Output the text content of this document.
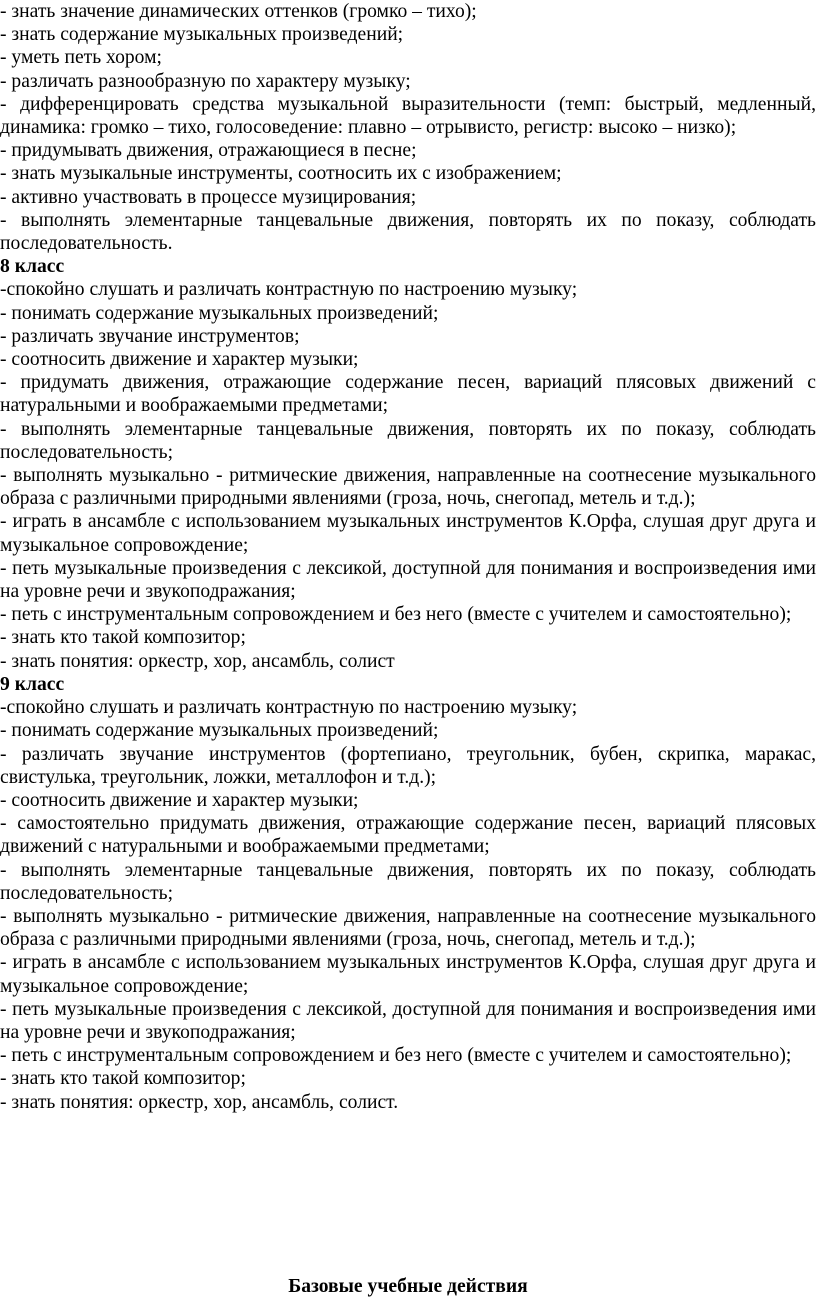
- знать значение динамических оттенков (громко – тихо);

- знать содержание музыкальных произведений;

- уметь петь хором;

- различать разнообразную по характеру музыку;

- дифференцировать средства музыкальной выразительности (темп: быстрый, медленный, динамика: громко – тихо, голосоведение: плавно – отрывисто, регистр: высоко – низко);

- придумывать движения, отражающиеся в песне;

- знать музыкальные инструменты, соотносить их с изображением;

- активно участвовать в процессе музицирования;

- выполнять элементарные танцевальные движения, повторять их по показу, соблюдать последовательность.

8 класс

-спокойно слушать и различать контрастную по настроению музыку;

- понимать содержание музыкальных произведений;

- различать звучание инструментов;

- соотносить движение и характер музыки;

- придумать движения, отражающие содержание песен, вариаций плясовых движений с натуральными и воображаемыми предметами;

- выполнять элементарные танцевальные движения, повторять их по показу, соблюдать последовательность;

- выполнять музыкально - ритмические движения, направленные на соотнесение музыкального образа с различными природными явлениями (гроза, ночь, снегопад, метель и т.д.);

- играть в ансамбле с использованием музыкальных инструментов К.Орфа, слушая друг друга и музыкальное сопровождение;

- петь музыкальные произведения с лексикой, доступной для понимания и воспроизведения ими на уровне речи и звукоподражания;

- петь с инструментальным сопровождением и без него (вместе с учителем и самостоятельно);

- знать кто такой композитор;

- знать понятия: оркестр, хор, ансамбль, солист

9 класс

-спокойно слушать и различать контрастную по настроению музыку;

- понимать содержание музыкальных произведений;

- различать звучание инструментов (фортепиано, треугольник, бубен, скрипка, маракас, свистулька, треугольник, ложки, металлофон и т.д.);

- соотносить движение и характер музыки;

- самостоятельно придумать движения, отражающие содержание песен, вариаций плясовых движений с натуральными и воображаемыми предметами;

- выполнять элементарные танцевальные движения, повторять их по показу, соблюдать последовательность;

- выполнять музыкально - ритмические движения, направленные на соотнесение музыкального образа с различными природными явлениями (гроза, ночь, снегопад, метель и т.д.);

- играть в ансамбле с использованием музыкальных инструментов К.Орфа, слушая друг друга и музыкальное сопровождение;

- петь музыкальные произведения с лексикой, доступной для понимания и воспроизведения ими на уровне речи и звукоподражания;

- петь с инструментальным сопровождением и без него (вместе с учителем и самостоятельно);

- знать кто такой композитор;

- знать понятия: оркестр, хор, ансамбль, солист.

Базовые учебные действия
